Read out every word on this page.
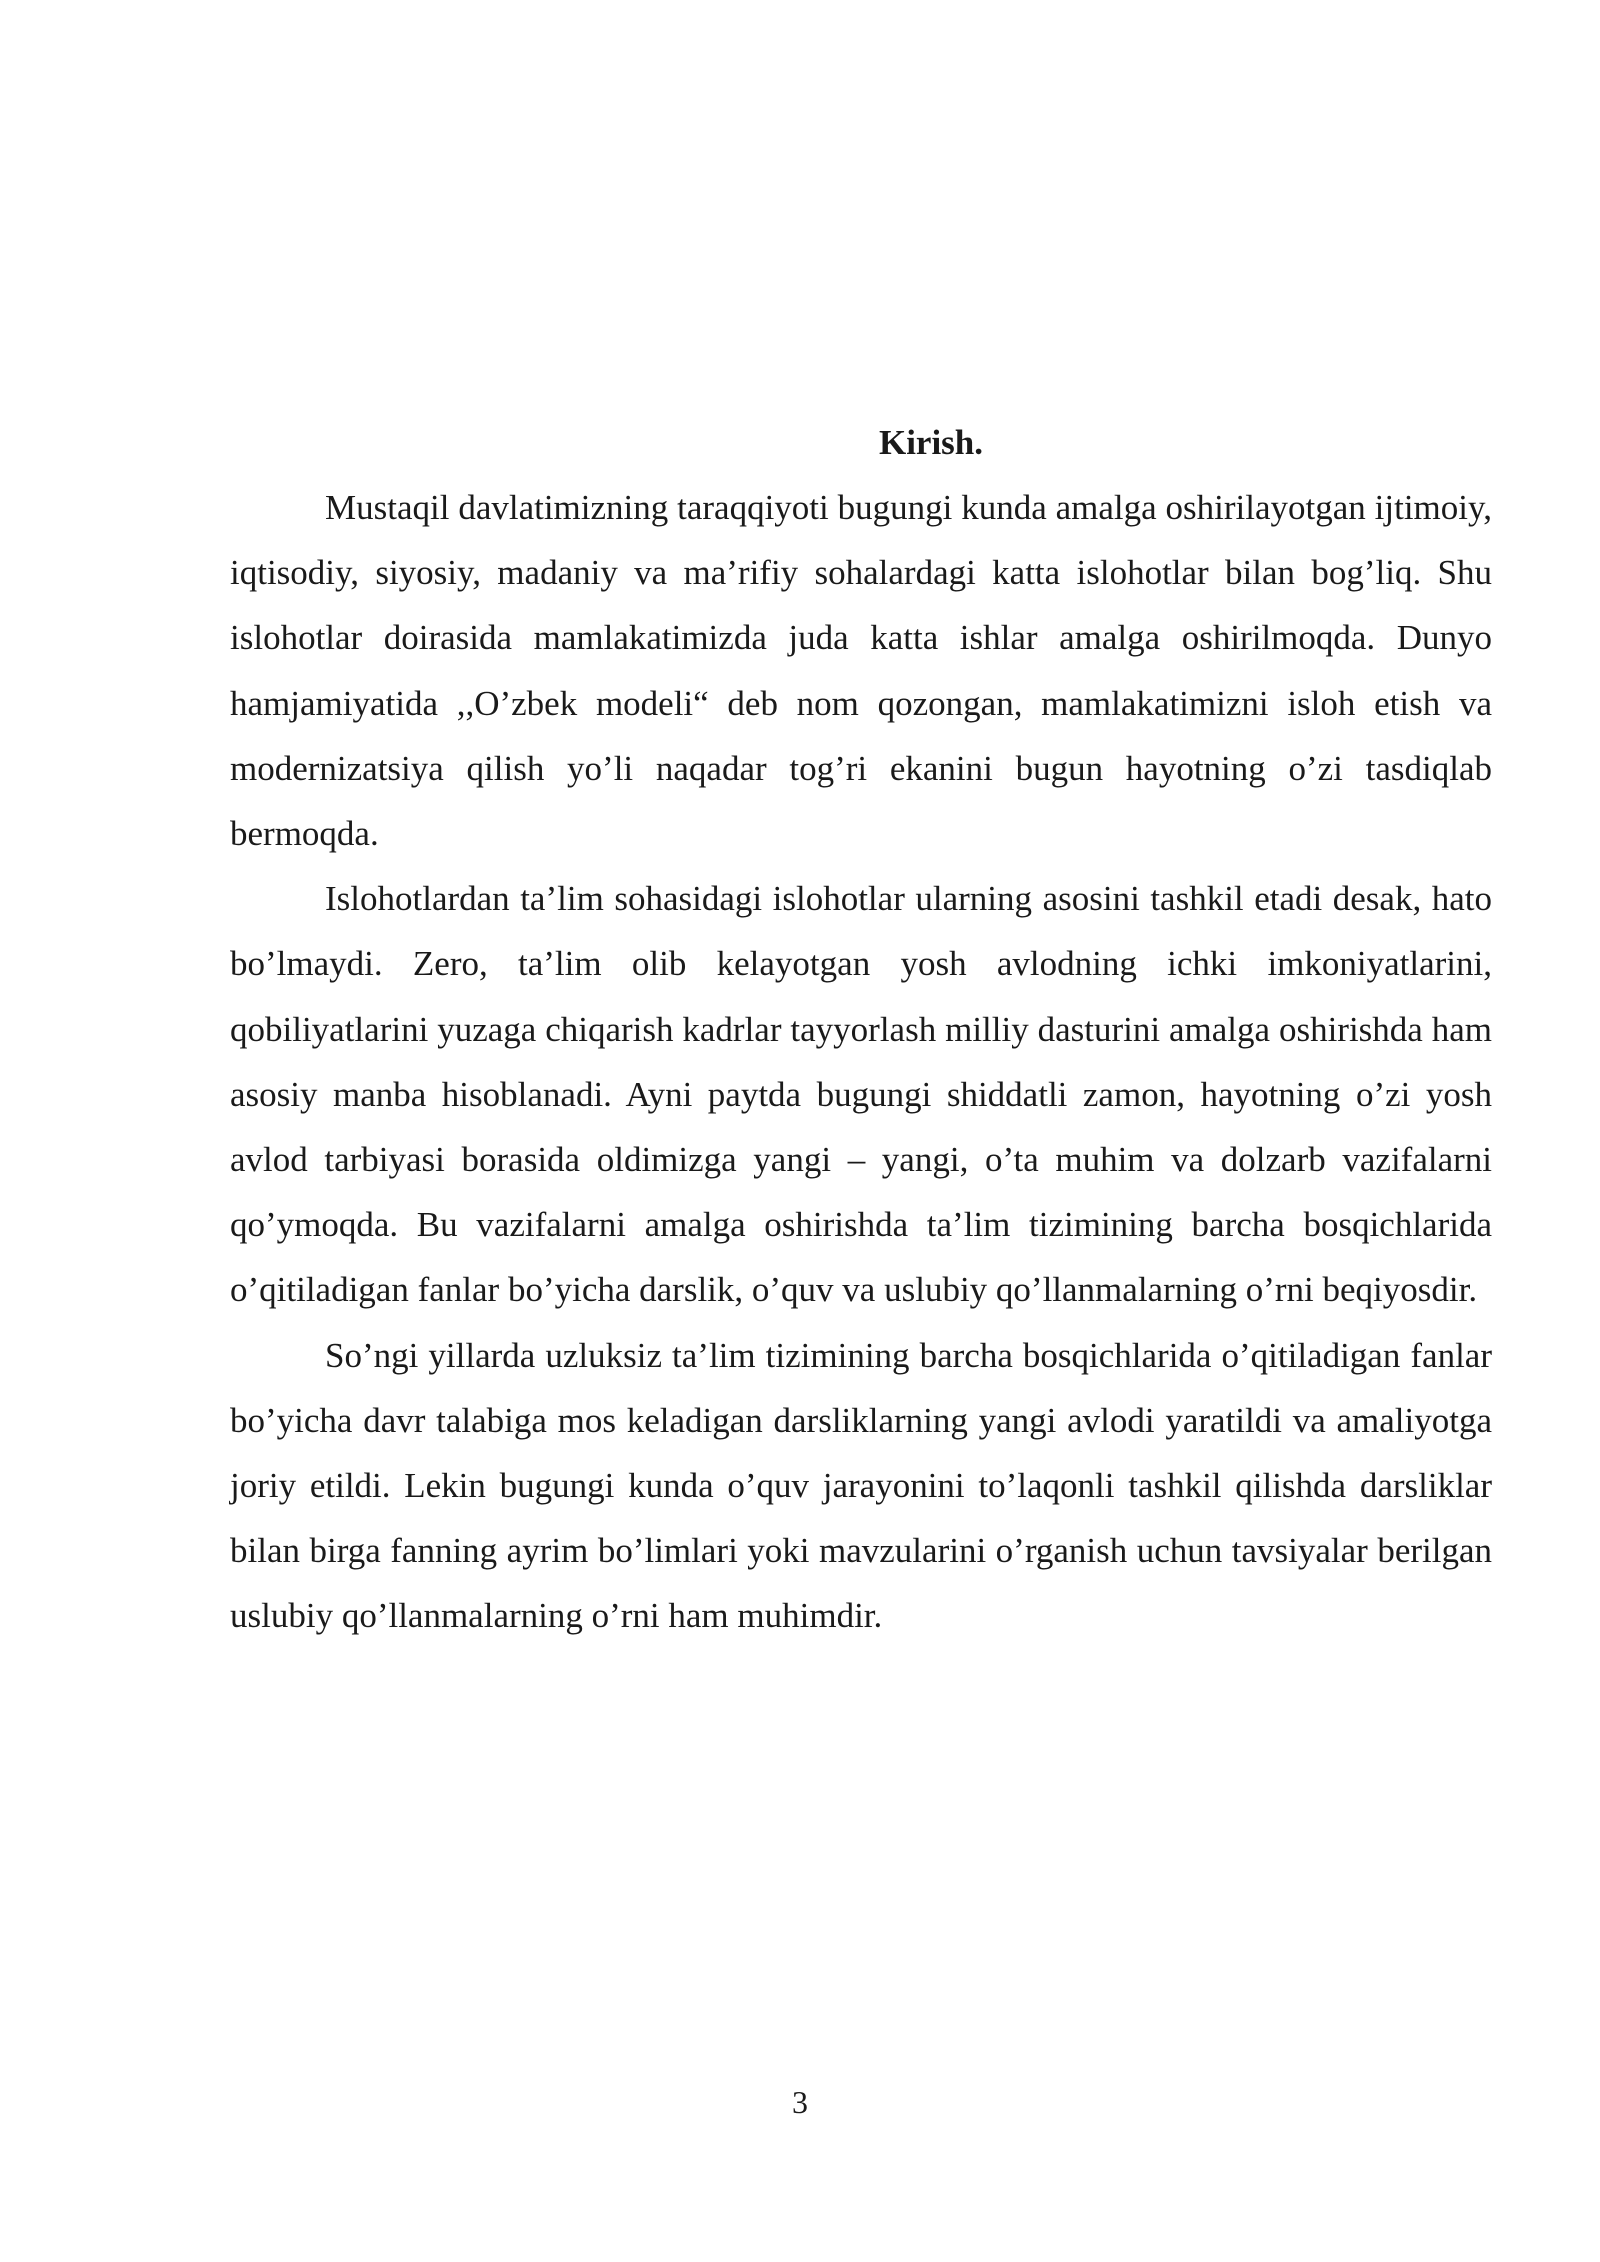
Kirish.

Mustaqil davlatimizning taraqqiyoti bugungi kunda amalga oshirilayotgan ijtimoiy, iqtisodiy, siyosiy, madaniy va ma’rifiy sohalardagi katta islohotlar bilan bog’liq. Shu islohotlar doirasida mamlakatimizda juda katta ishlar amalga oshirilmoqda. Dunyo hamjamiyatida ,,O’zbek modeli“ deb nom qozongan, mamlakatimizni isloh etish va modernizatsiya qilish yo’li naqadar tog’ri ekanini bugun hayotning o’zi tasdiqlab bermoqda.

Islohotlardan ta’lim sohasidagi islohotlar ularning asosini tashkil etadi desak, hato bo’lmaydi. Zero, ta’lim olib kelayotgan yosh avlodning ichki imkoniyatlarini, qobiliyatlarini yuzaga chiqarish kadrlar tayyorlash milliy dasturini amalga oshirishda ham asosiy manba hisoblanadi. Ayni paytda bugungi shiddatli zamon, hayotning o’zi yosh avlod tarbiyasi borasida oldimizga yangi – yangi, o’ta muhim va dolzarb vazifalarni qo’ymoqda. Bu vazifalarni amalga oshirishda ta’lim tizimining barcha bosqichlarida o’qitiladigan fanlar bo’yicha darslik, o’quv va uslubiy qo’llanmalarning o’rni beqiyosdir.

So’ngi yillarda uzluksiz ta’lim tizimining barcha bosqichlarida o’qitiladigan fanlar bo’yicha davr talabiga mos keladigan darsliklarning yangi avlodi yaratildi va amaliyotga joriy etildi. Lekin bugungi kunda o’quv jarayonini to’laqonli tashkil qilishda darsliklar bilan birga fanning ayrim bo’limlari yoki mavzularini o’rganish uchun tavsiyalar berilgan uslubiy qo’llanmalarning o’rni ham muhimdir.

3
